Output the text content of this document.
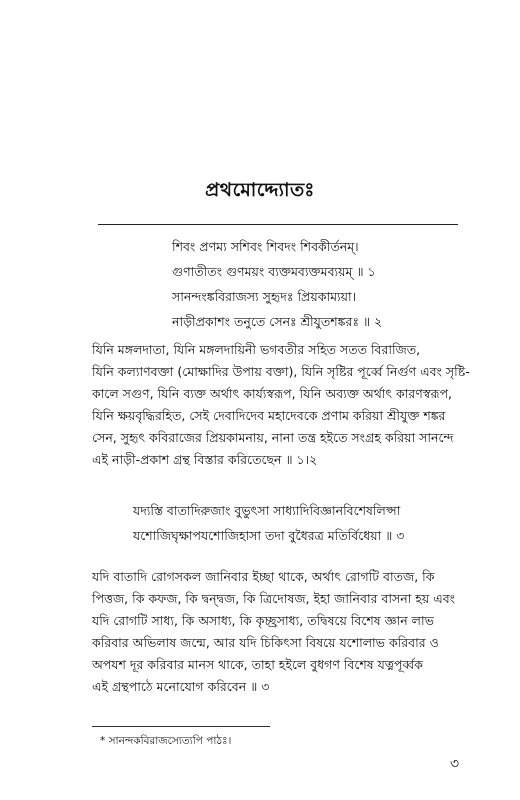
প্রথমোদ্দ্যোতঃ
শিবং প্রণম্য সশিবং শিবদং শিবকীর্তনম্‌।
গুণাতীতং গুণময়ং ব্যক্তমব্যক্তমব্যয়ম্‌ ॥ ১
সানন্দংঙ্কবিরাজস্য সুহৃদঃ প্রিয়কাম্যয়া।
নাড়ীপ্রকাশং তনুতে সেনঃ শ্রীযুতশঙ্করঃ ॥ ২
যিনি মঙ্গলদাতা, যিনি মঙ্গলদায়িনী ভগবতীর সহিত সতত বিরাজিত,
যিনি কল্যাণবক্তা (মোক্ষাদির উপায় বক্তা), যিনি সৃষ্টির পূর্ব্বে নির্গুণ এবং সৃষ্টি-
কালে সগুণ, যিনি ব্যক্ত অর্থাৎ কার্য্যস্বরূপ, যিনি অব্যক্ত অর্থাৎ কারণস্বরূপ,
যিনি ক্ষয়বৃদ্ধিরহিত, সেই দেবাদিদেব মহাদেবকে প্রণাম করিয়া শ্রীযুক্ত শঙ্কর
সেন, সুহৃৎ কবিরাজের প্রিয়কামনায়, নানা তন্ত্র হইতে সংগ্রহ করিয়া সানন্দে
এই নাড়ী-প্রকাশ গ্রন্থ বিস্তার করিতেছেন ॥ ১।২
যদ্যস্তি বাতাদিরুজাং বুভুৎসা সাধ্যাদিবিজ্ঞানবিশেষলিপ্সা
যশোজিঘৃক্ষাপযশোজিহাসা তদা বুধৈরত্র মতির্বিধেয়া ॥ ৩
যদি বাতাদি রোগসকল জানিবার ইচ্ছা থাকে, অর্থাৎ রোগটি বাতজ, কি
পিত্তজ, কি কফজ, কি দ্বন্দ্বজ, কি ত্রিদোষজ, ইহা জানিবার বাসনা হয় এবং
যদি রোগটি সাধ্য, কি অসাধ্য, কি কৃচ্ছ্রসাধ্য, তদ্বিষয়ে বিশেষ জ্ঞান লাভ
করিবার অভিলাষ জন্মে, আর যদি চিকিৎসা বিষয়ে যশোলাভ করিবার ও
অপযশ দূর করিবার মানস থাকে, তাহা হইলে বুধগণ বিশেষ যত্নপূর্ব্বক
এই গ্রন্থপাঠে মনোযোগ করিবেন ॥ ৩
* সানন্দকবিরাজস্যেত্যপি পাঠঃ।
৩
